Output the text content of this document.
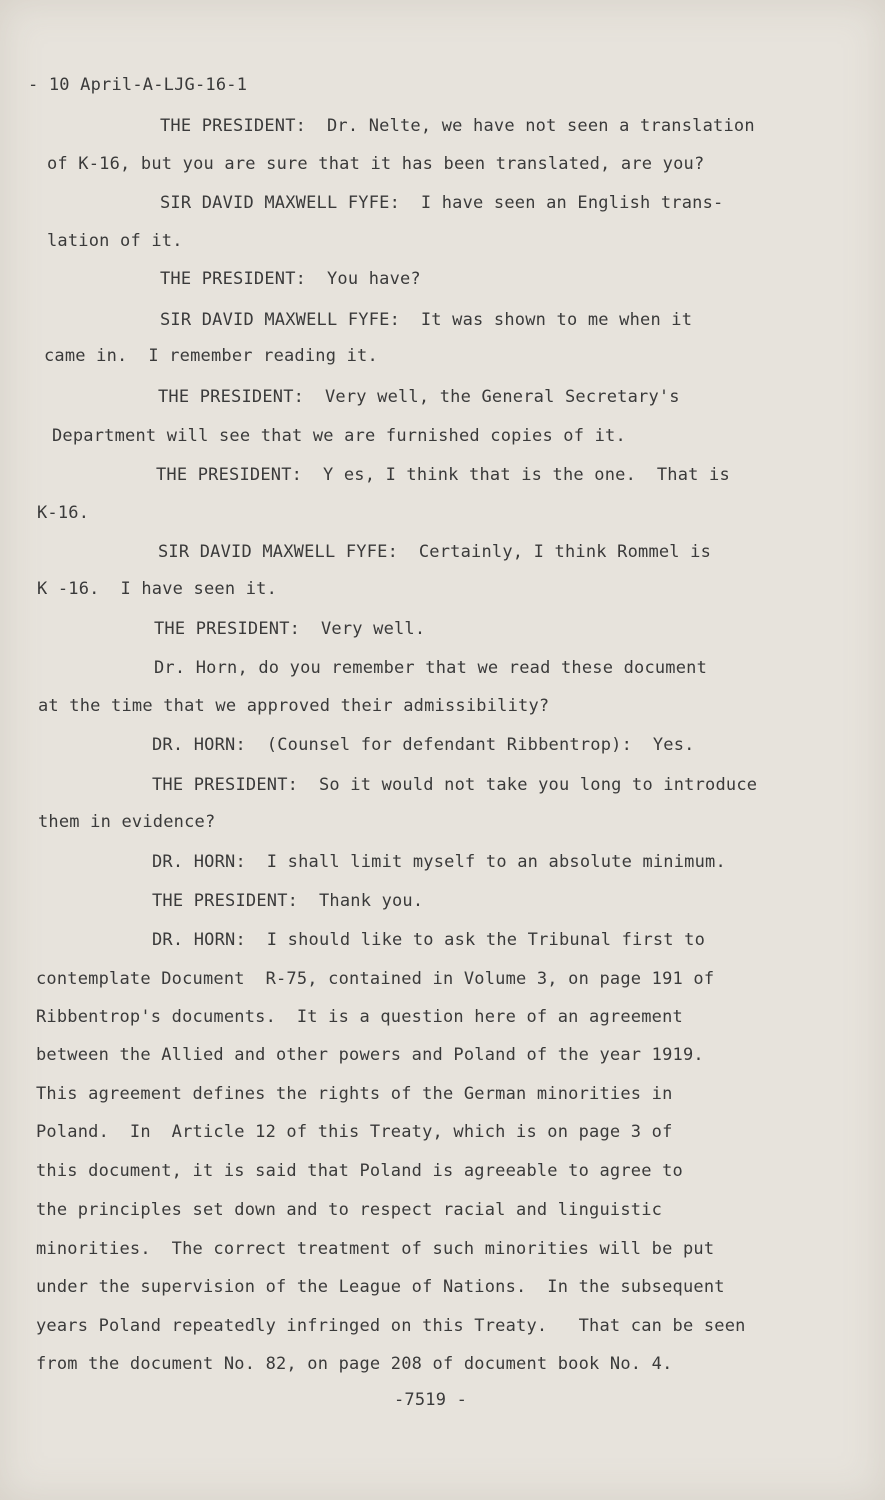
- 10 April-A-LJG-16-1
THE PRESIDENT:  Dr. Nelte, we have not seen a translation
of K-16, but you are sure that it has been translated, are you?
SIR DAVID MAXWELL FYFE:  I have seen an English trans-
lation of it.
THE PRESIDENT:  You have?
SIR DAVID MAXWELL FYFE:  It was shown to me when it
came in.  I remember reading it.
THE PRESIDENT:  Very well, the General Secretary's
Department will see that we are furnished copies of it.
THE PRESIDENT:  Y es, I think that is the one.  That is
K-16.
SIR DAVID MAXWELL FYFE:  Certainly, I think Rommel is
K -16.  I have seen it.
THE PRESIDENT:  Very well.
Dr. Horn, do you remember that we read these document
at the time that we approved their admissibility?
DR. HORN:  (Counsel for defendant Ribbentrop):  Yes.
THE PRESIDENT:  So it would not take you long to introduce
them in evidence?
DR. HORN:  I shall limit myself to an absolute minimum.
THE PRESIDENT:  Thank you.
DR. HORN:  I should like to ask the Tribunal first to
contemplate Document  R-75, contained in Volume 3, on page 191 of
Ribbentrop's documents.  It is a question here of an agreement
between the Allied and other powers and Poland of the year 1919.
This agreement defines the rights of the German minorities in
Poland.  In  Article 12 of this Treaty, which is on page 3 of
this document, it is said that Poland is agreeable to agree to
the principles set down and to respect racial and linguistic
minorities.  The correct treatment of such minorities will be put
under the supervision of the League of Nations.  In the subsequent
years Poland repeatedly infringed on this Treaty.   That can be seen
from the document No. 82, on page 208 of document book No. 4.
-7519 -
